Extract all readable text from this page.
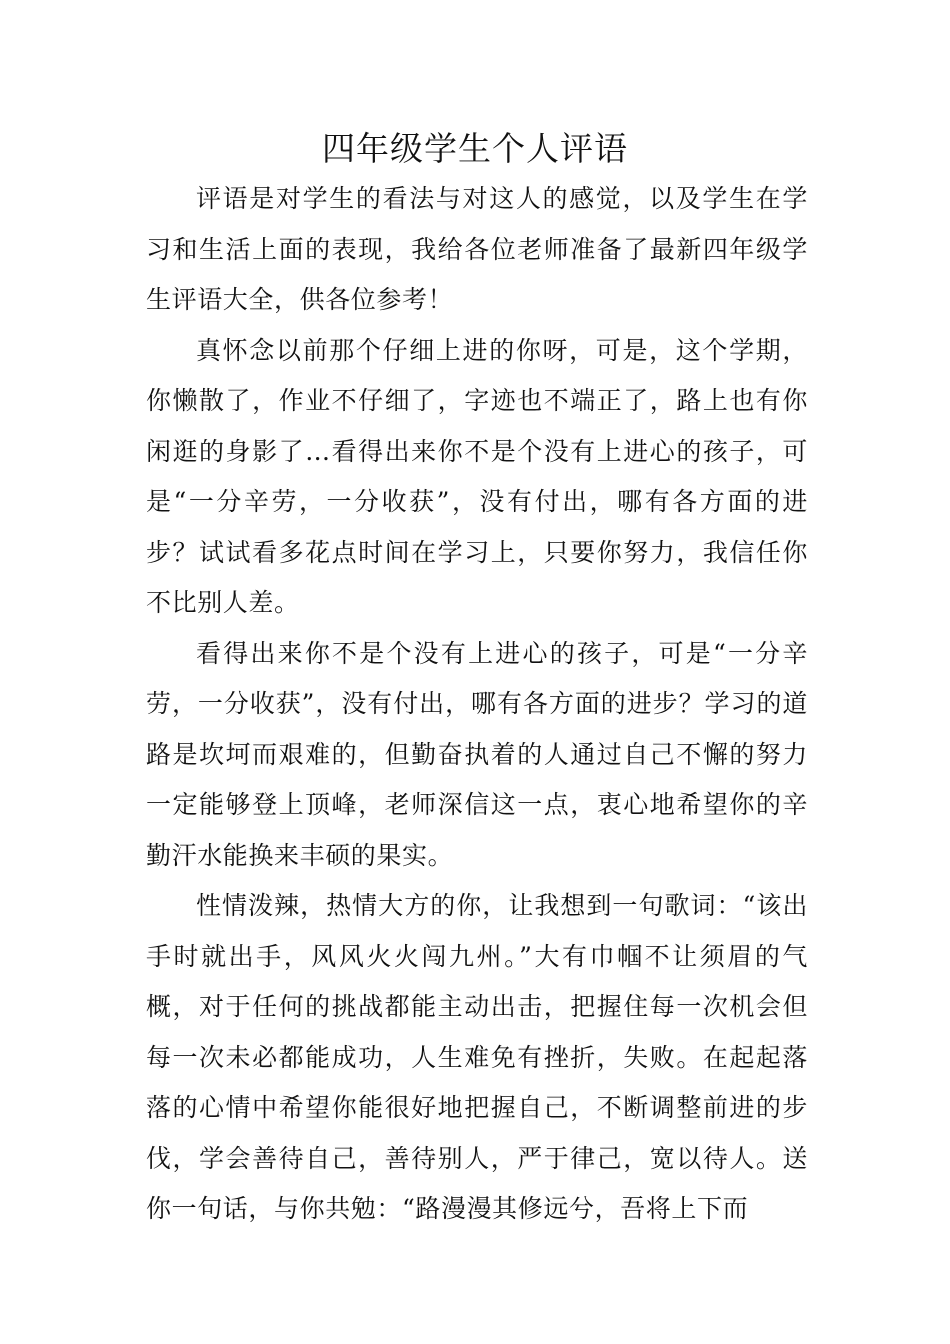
四年级学生个人评语

评语是对学生的看法与对这人的感觉，以及学生在学习和生活上面的表现，我给各位老师准备了最新四年级学生评语大全，供各位参考！

真怀念以前那个仔细上进的你呀，可是，这个学期，你懒散了，作业不仔细了，字迹也不端正了，路上也有你闲逛的身影了…看得出来你不是个没有上进心的孩子，可是“一分辛劳，一分收获”，没有付出，哪有各方面的进步？试试看多花点时间在学习上，只要你努力，我信任你不比别人差。

看得出来你不是个没有上进心的孩子，可是“一分辛劳，一分收获”，没有付出，哪有各方面的进步？学习的道路是坎坷而艰难的，但勤奋执着的人通过自己不懈的努力一定能够登上顶峰，老师深信这一点，衷心地希望你的辛勤汗水能换来丰硕的果实。

性情泼辣，热情大方的你，让我想到一句歌词：“该出手时就出手，风风火火闯九州。”大有巾帼不让须眉的气概，对于任何的挑战都能主动出击，把握住每一次机会但每一次未必都能成功，人生难免有挫折，失败。在起起落落的心情中希望你能很好地把握自己，不断调整前进的步伐，学会善待自己，善待别人，严于律己，宽以待人。送你一句话，与你共勉：“路漫漫其修远兮，吾将上下而
